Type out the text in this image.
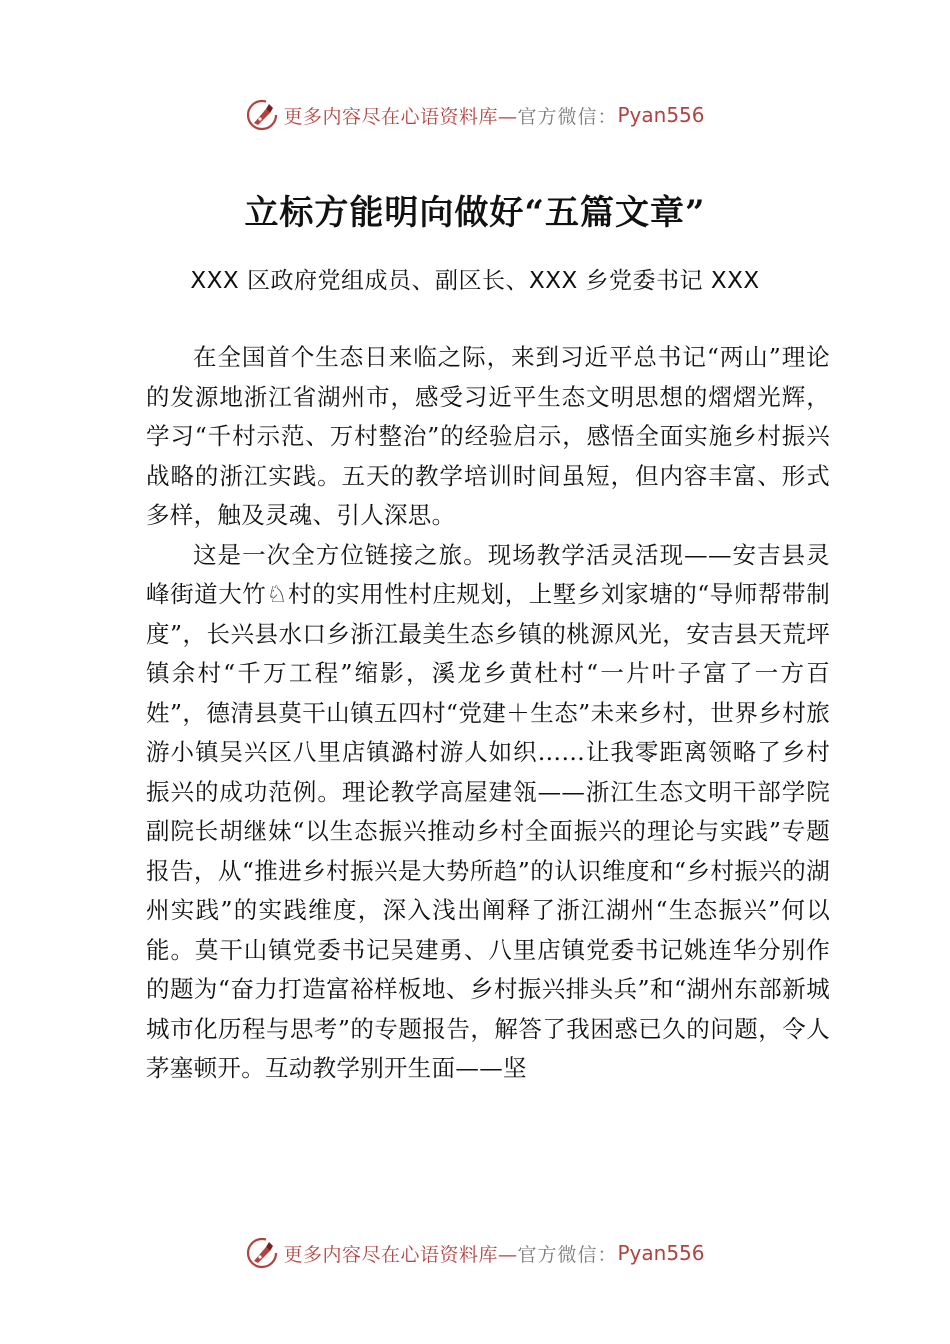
更多内容尽在心语资料库— 官方微信： Pyan556
立标方能明向做好“五篇文章”
XXX 区政府党组成员、副区长、XXX 乡党委书记 XXX

在全国首个生态日来临之际，来到习近平总书记“两山”理论的发源地浙江省湖州市，感受习近平生态文明思想的熠熠光辉，学习“千村示范、万村整治”的经验启示，感悟全面实施乡村振兴战略的浙江实践。五天的教学培训时间虽短，但内容丰富、形式多样，触及灵魂、引人深思。

这是一次全方位链接之旅。现场教学活灵活现——安吉县灵峰街道大竹♘村的实用性村庄规划，上墅乡刘家塘的“导师帮带制度”，长兴县水口乡浙江最美生态乡镇的桃源风光，安吉县天荒坪镇余村“千万工程”缩影，溪龙乡黄杜村“一片叶子富了一方百姓”，德清县莫干山镇五四村“党建＋生态”未来乡村，世界乡村旅游小镇吴兴区八里店镇潞村游人如织……让我零距离领略了乡村振兴的成功范例。理论教学高屋建瓴——浙江生态文明干部学院副院长胡继妹“以生态振兴推动乡村全面振兴的理论与实践”专题报告，从“推进乡村振兴是大势所趋”的认识维度和“乡村振兴的湖州实践”的实践维度，深入浅出阐释了浙江湖州“生态振兴”何以能。莫干山镇党委书记吴建勇、八里店镇党委书记姚连华分别作的题为“奋力打造富裕样板地、乡村振兴排头兵”和“湖州东部新城城市化历程与思考”的专题报告，解答了我困惑已久的问题，令人茅塞顿开。互动教学别开生面——坚

更多内容尽在心语资料库— 官方微信： Pyan556
